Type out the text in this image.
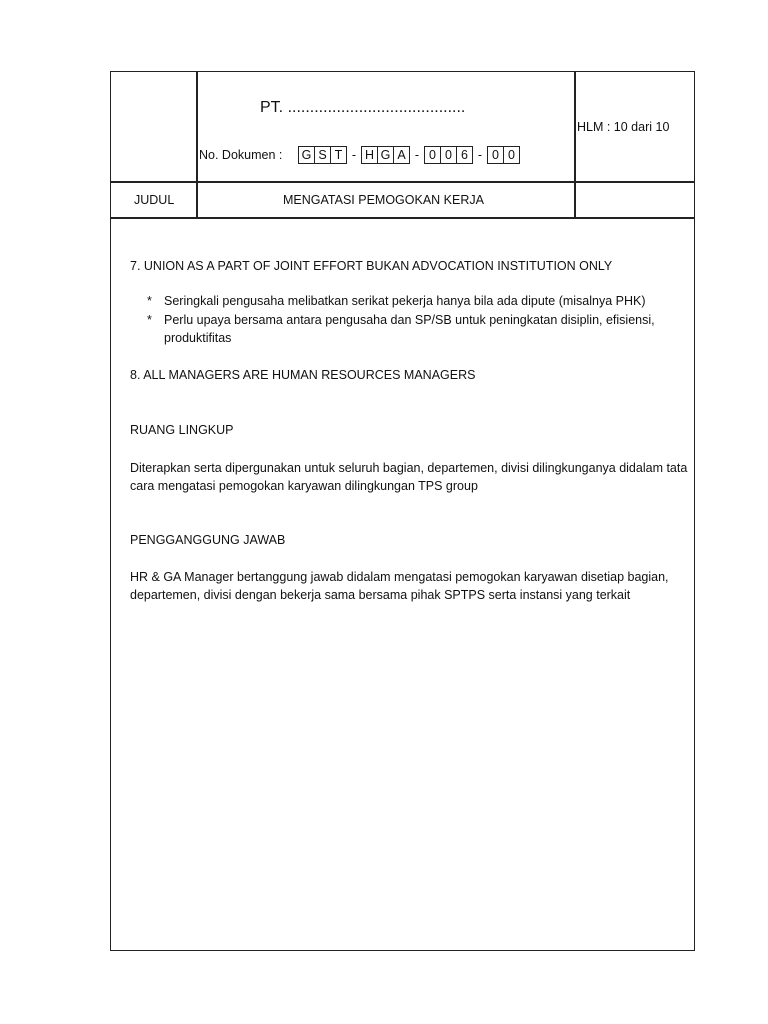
PT. ........................................
No. Dokumen : G S T - H G A - 0 0 6 - 0 0
HLM : 10 dari 10
JUDUL	MENGATASI PEMOGOKAN KERJA
7. UNION AS A PART OF JOINT EFFORT BUKAN ADVOCATION INSTITUTION ONLY
* Seringkali pengusaha melibatkan serikat pekerja hanya bila ada dipute (misalnya PHK)
* Perlu upaya bersama antara pengusaha dan SP/SB untuk peningkatan disiplin, efisiensi,
produktifitas
8. ALL MANAGERS ARE HUMAN RESOURCES MANAGERS
RUANG LINGKUP
Diterapkan serta dipergunakan untuk seluruh bagian, departemen, divisi dilingkunganya didalam tata
cara mengatasi pemogokan karyawan dilingkungan TPS group
PENGGANGGUNG JAWAB
HR & GA Manager bertanggung jawab didalam mengatasi pemogokan karyawan disetiap bagian,
departemen, divisi dengan bekerja sama bersama pihak SPTPS serta instansi yang terkait
